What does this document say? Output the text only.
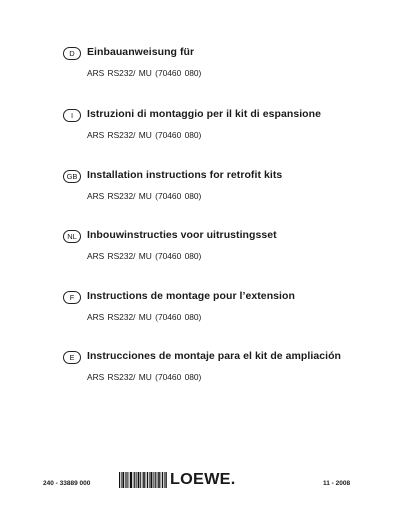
D	Einbauanweisung für
ARS RS232/ MU (70460 080)
I	Istruzioni di montaggio per il kit di espansione
ARS RS232/ MU (70460 080)
GB Installation instructions for retrofit kits
ARS RS232/ MU (70460 080)
NL Inbouwinstructies voor uitrustingsset
ARS RS232/ MU (70460 080)
F	Instructions de montage pour l’extension
ARS RS232/ MU (70460 080)
E	Instrucciones de montaje para el kit de ampliación
ARS RS232/ MU (70460 080)
240 - 33889 000	LOEWE.	11 - 2008
